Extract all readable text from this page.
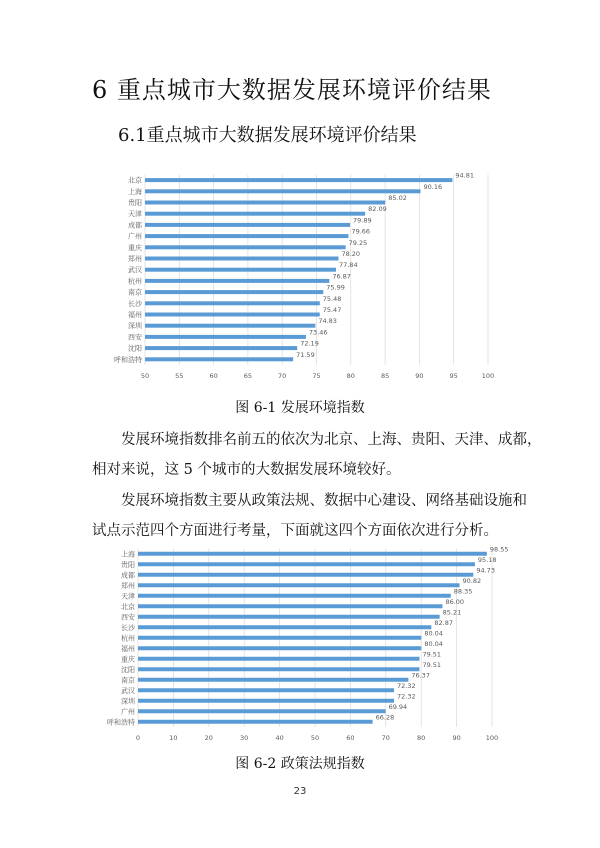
6 重点城市大数据发展环境评价结果
6.1重点城市大数据发展环境评价结果
50	55	60	65	70	75	80	85	90	95	100
北京
94.81
上海
90.16
贵阳
85.02
天津
82.09
成都
79.89
广州
79.66
重庆
79.25
郑州
78.20
武汉
77.84
杭州
76.87
南京
75.99
长沙
75.48
福州
75.47
深圳
74.83
西安
73.46
沈阳
72.19
呼和浩特
71.59
图 6-1 发展环境指数
发展环境指数排名前五的依次为北京、上海、贵阳、天津、成都，
相对来说，这 5 个城市的大数据发展环境较好。
发展环境指数主要从政策法规、数据中心建设、网络基础设施和
试点示范四个方面进行考量，下面就这四个方面依次进行分析。
0	10	20	30	40	50	60	70	80	90	100
上海
98.55
贵阳
95.18
成都
94.73
郑州
90.82
天津
88.35
北京
86.00
西安
85.21
长沙
82.87
杭州
80.04
福州
80.04
重庆
79.51
沈阳
79.51
南京
76.37
武汉
72.32
深圳
72.32
广州
69.94
呼和浩特
66.28
图 6-2 政策法规指数
23
